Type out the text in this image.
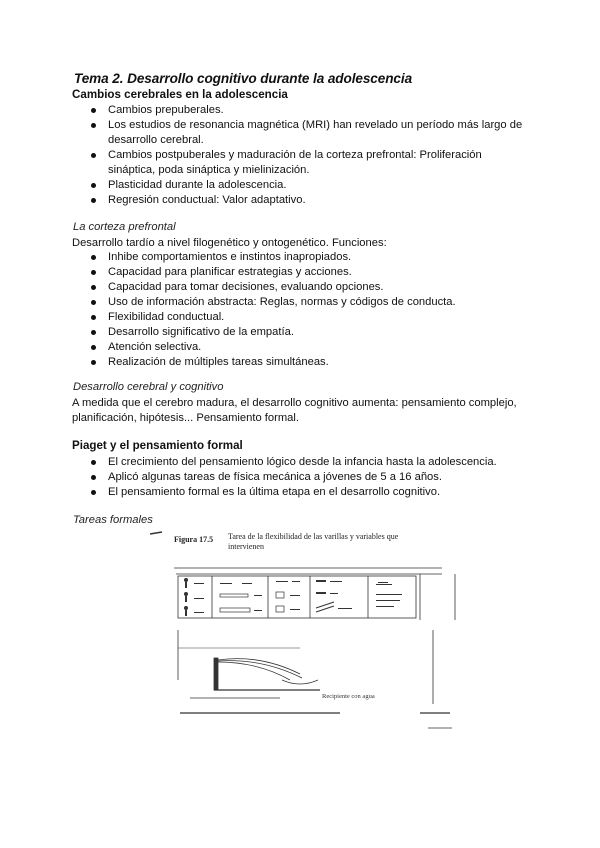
Tema 2. Desarrollo cognitivo durante la adolescencia
Cambios cerebrales en la adolescencia
Cambios prepuberales.
Los estudios de resonancia magnética (MRI) han revelado un período más largo de desarrollo cerebral.
Cambios postpuberales y maduración de la corteza prefrontal: Proliferación sináptica, poda sináptica y mielinización.
Plasticidad durante la adolescencia.
Regresión conductual: Valor adaptativo.
La corteza prefrontal
Desarrollo tardío a nivel filogenético y ontogenético. Funciones:
Inhibe comportamientos e instintos inapropiados.
Capacidad para planificar estrategias y acciones.
Capacidad para tomar decisiones, evaluando opciones.
Uso de información abstracta: Reglas, normas y códigos de conducta.
Flexibilidad conductual.
Desarrollo significativo de la empatía.
Atención selectiva.
Realización de múltiples tareas simultáneas.
Desarrollo cerebral y cognitivo
A medida que el cerebro madura, el desarrollo cognitivo aumenta: pensamiento complejo, planificación, hipótesis... Pensamiento formal.
Piaget y el pensamiento formal
El crecimiento del pensamiento lógico desde la infancia hasta la adolescencia.
Aplicó algunas tareas de física mecánica a jóvenes de 5 a 16 años.
El pensamiento formal es la última etapa en el desarrollo cognitivo.
Tareas formales
Figura 17.5 Tarea de la flexibilidad de las varillas y variables que
intervienen
Recipiente con agua
